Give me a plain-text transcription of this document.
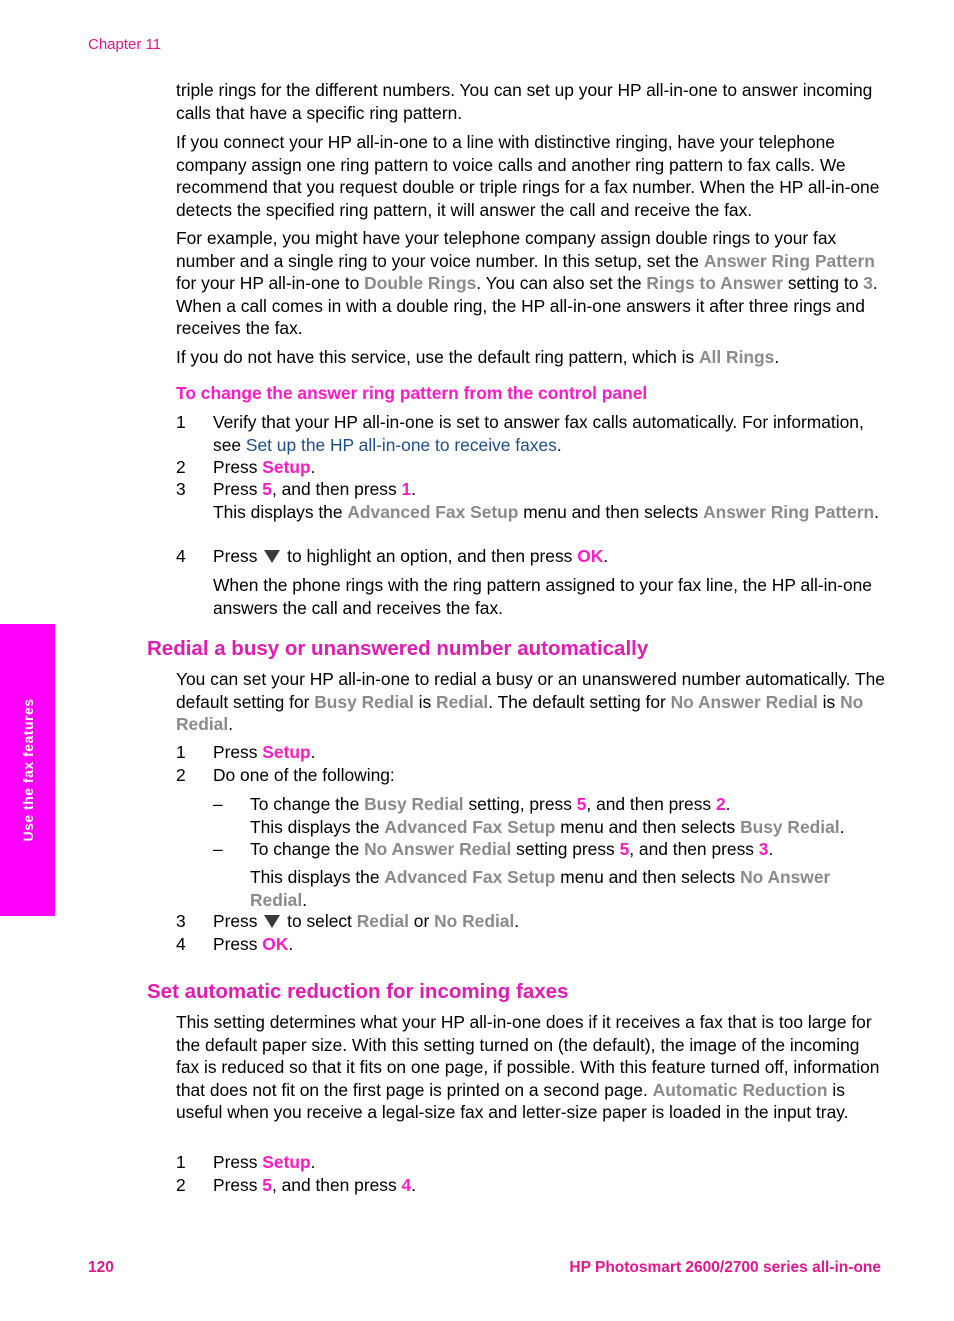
Chapter 11
Use the fax features

triple rings for the different numbers. You can set up your HP all-in-one to answer incoming calls that have a specific ring pattern.

If you connect your HP all-in-one to a line with distinctive ringing, have your telephone company assign one ring pattern to voice calls and another ring pattern to fax calls. We recommend that you request double or triple rings for a fax number. When the HP all-in-one detects the specified ring pattern, it will answer the call and receive the fax.

For example, you might have your telephone company assign double rings to your fax number and a single ring to your voice number. In this setup, set the Answer Ring Pattern for your HP all-in-one to Double Rings. You can also set the Rings to Answer setting to 3. When a call comes in with a double ring, the HP all-in-one answers it after three rings and receives the fax.

If you do not have this service, use the default ring pattern, which is All Rings.

To change the answer ring pattern from the control panel

1 Verify that your HP all-in-one is set to answer fax calls automatically. For information, see Set up the HP all-in-one to receive faxes.

2 Press Setup.

3 Press 5, and then press 1.
This displays the Advanced Fax Setup menu and then selects Answer Ring Pattern.

4 Press  to highlight an option, and then press OK.

When the phone rings with the ring pattern assigned to your fax line, the HP all-in-one answers the call and receives the fax.

Redial a busy or unanswered number automatically

You can set your HP all-in-one to redial a busy or an unanswered number automatically. The default setting for Busy Redial is Redial. The default setting for No Answer Redial is No Redial.

1 Press Setup.

2 Do one of the following:

– To change the Busy Redial setting, press 5, and then press 2.
This displays the Advanced Fax Setup menu and then selects Busy Redial.

– To change the No Answer Redial setting press 5, and then press 3.

This displays the Advanced Fax Setup menu and then selects No Answer Redial.

3 Press  to select Redial or No Redial.

4 Press OK.

Set automatic reduction for incoming faxes

This setting determines what your HP all-in-one does if it receives a fax that is too large for the default paper size. With this setting turned on (the default), the image of the incoming fax is reduced so that it fits on one page, if possible. With this feature turned off, information that does not fit on the first page is printed on a second page. Automatic Reduction is useful when you receive a legal-size fax and letter-size paper is loaded in the input tray.

1 Press Setup.

2 Press 5, and then press 4.

120	HP Photosmart 2600/2700 series all-in-one
